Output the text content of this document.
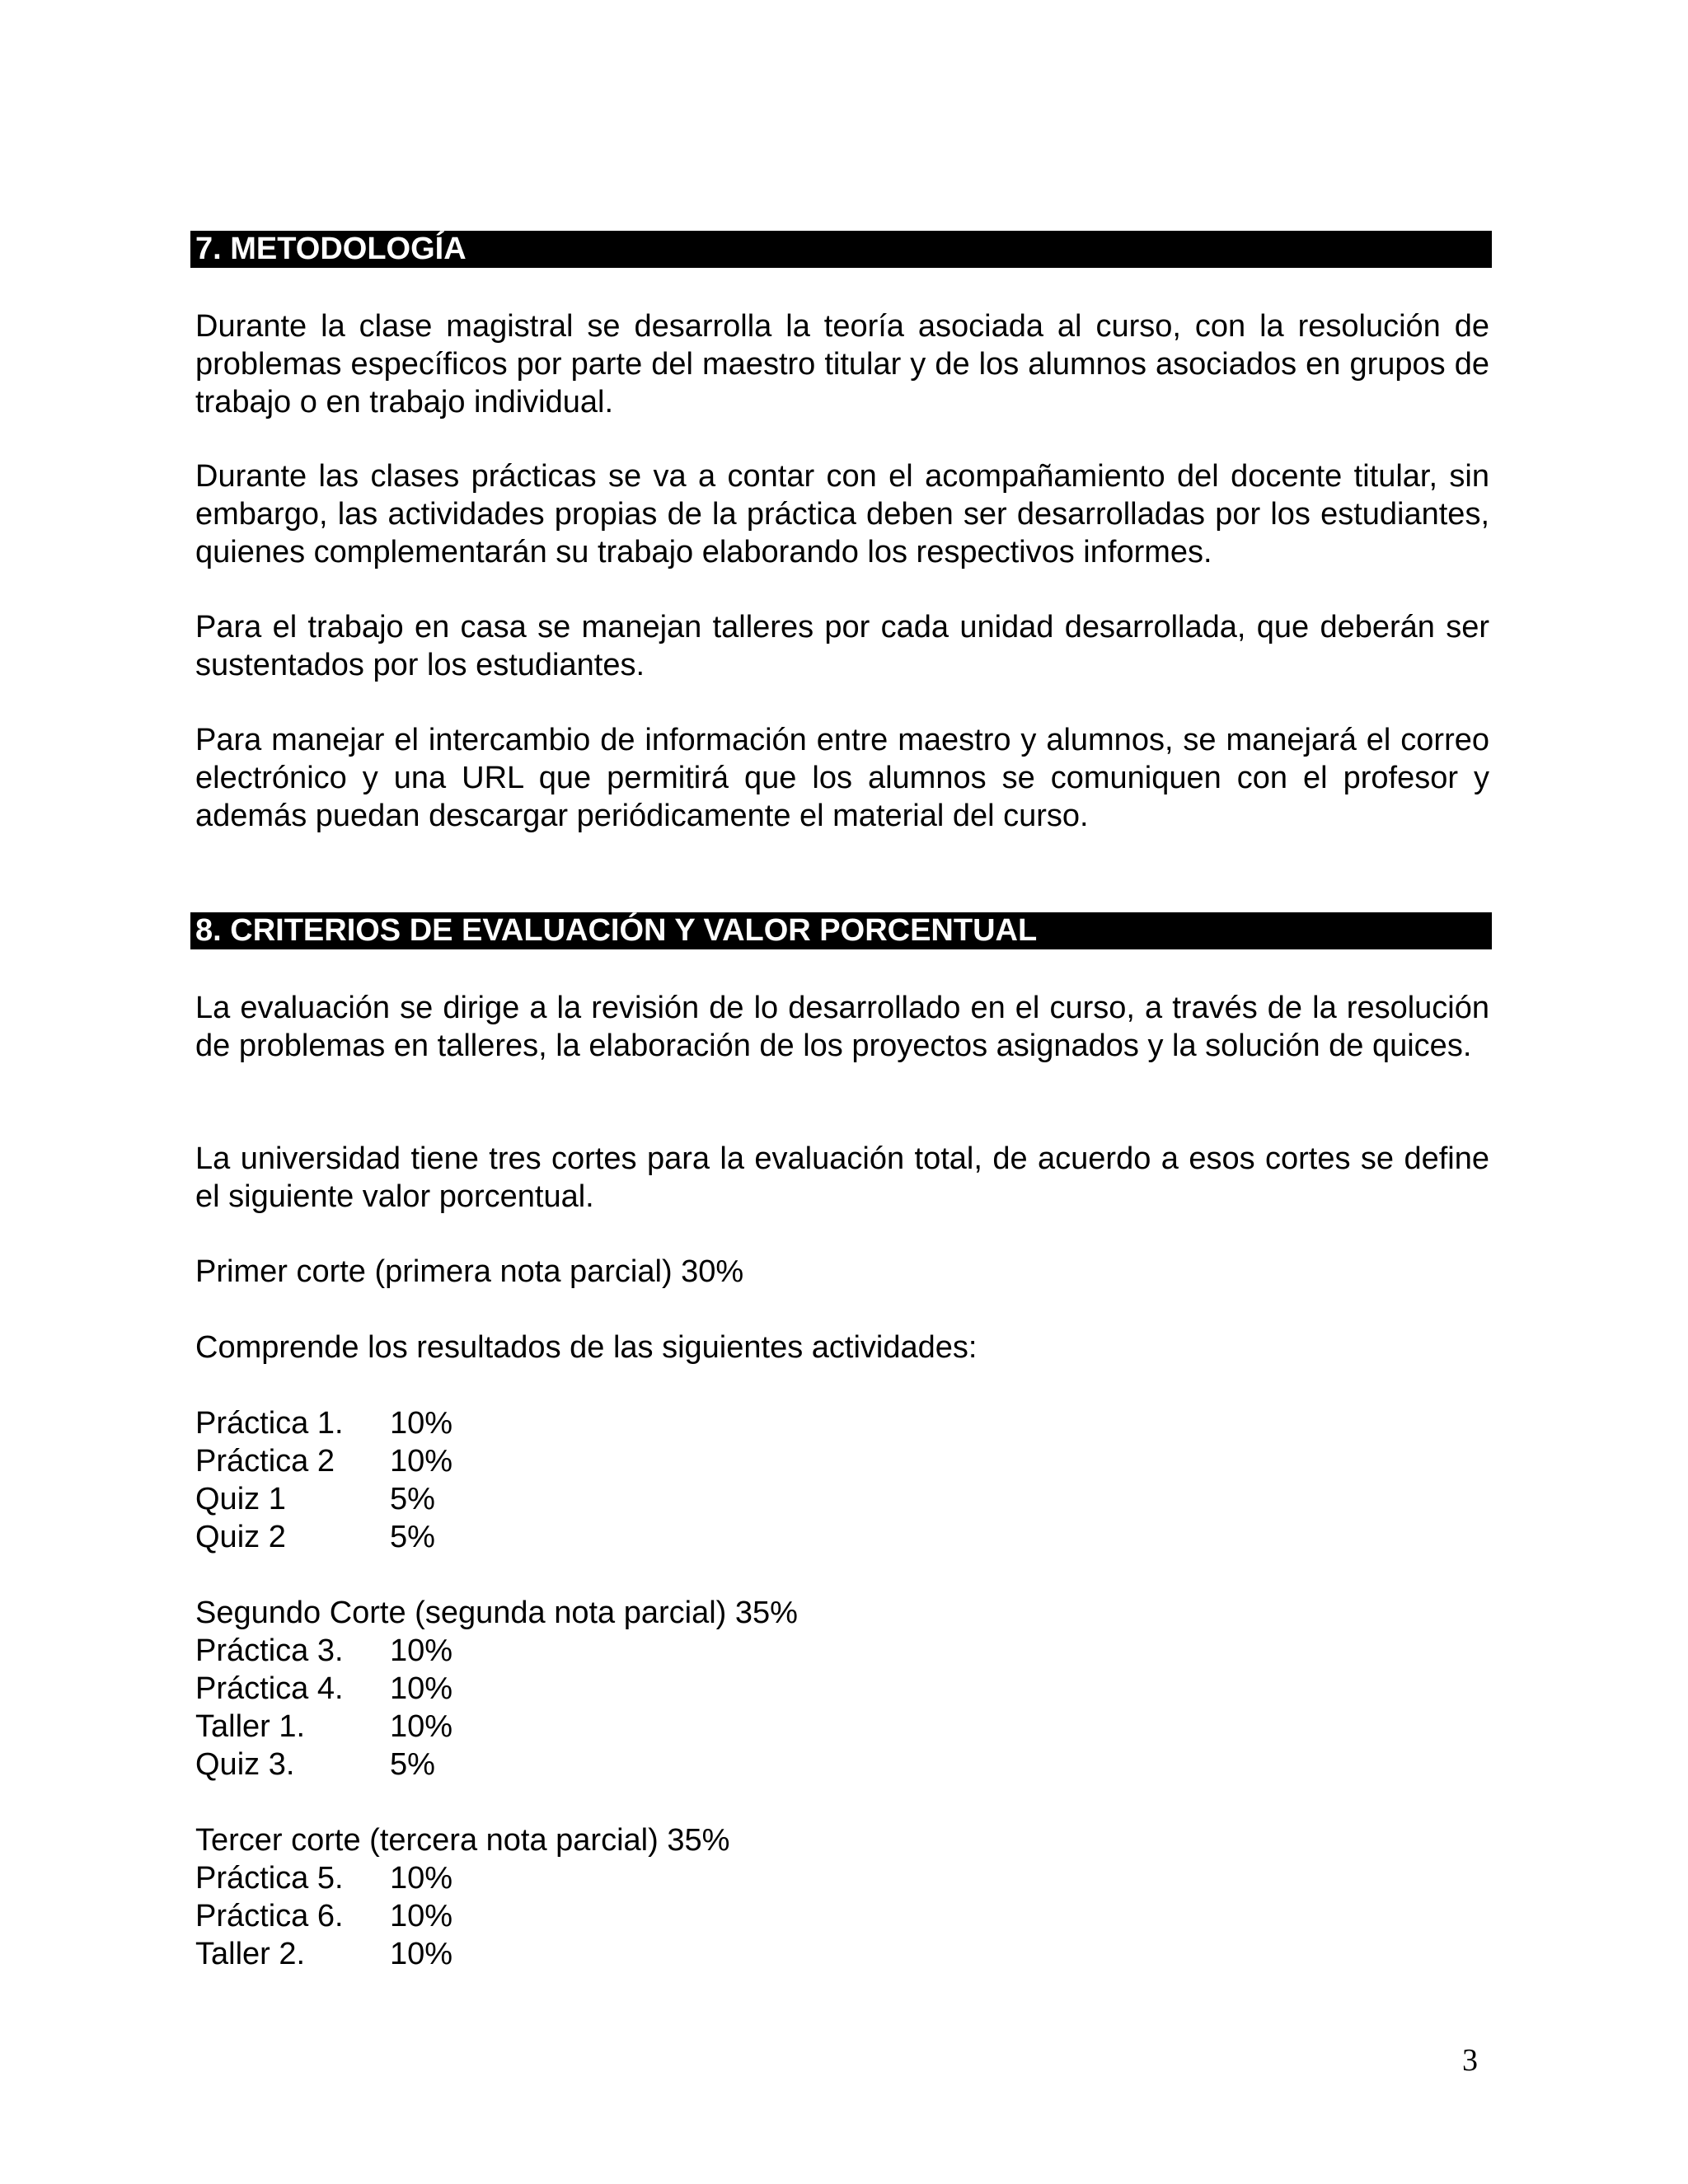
7. METODOLOGÍA
Durante la clase magistral se desarrolla la teoría asociada al curso, con la resolución de problemas específicos por parte del maestro titular y de los alumnos asociados en grupos de trabajo o en trabajo individual.
Durante las clases prácticas se va a contar con el acompañamiento del docente titular, sin embargo, las actividades propias de la práctica deben ser desarrolladas por los estudiantes, quienes complementarán su trabajo elaborando los respectivos informes.
Para el trabajo en casa se manejan talleres por cada unidad desarrollada, que deberán ser sustentados por los estudiantes.
Para manejar el intercambio de información entre maestro y alumnos, se manejará el correo electrónico y una URL que permitirá que los alumnos se comuniquen con el profesor y además puedan descargar periódicamente el material del curso.
8. CRITERIOS DE EVALUACIÓN Y VALOR PORCENTUAL
La evaluación se dirige a la revisión de lo desarrollado en el curso, a través de la resolución de problemas en talleres, la elaboración de los proyectos asignados y la solución de quices.
La universidad tiene tres cortes para la evaluación total, de acuerdo a esos cortes se define el siguiente valor porcentual.
Primer corte (primera nota parcial) 30%
Comprende los resultados de las siguientes actividades:
Práctica 1. 10%
Práctica 2 10%
Quiz 1	5%
Quiz 2	5%
Segundo Corte (segunda nota parcial) 35%
Práctica 3. 10%
Práctica 4. 10%
Taller 1.	10%
Quiz 3.	5%
Tercer corte (tercera nota parcial) 35%
Práctica 5. 10%
Práctica 6. 10%
Taller 2.	10%
3
